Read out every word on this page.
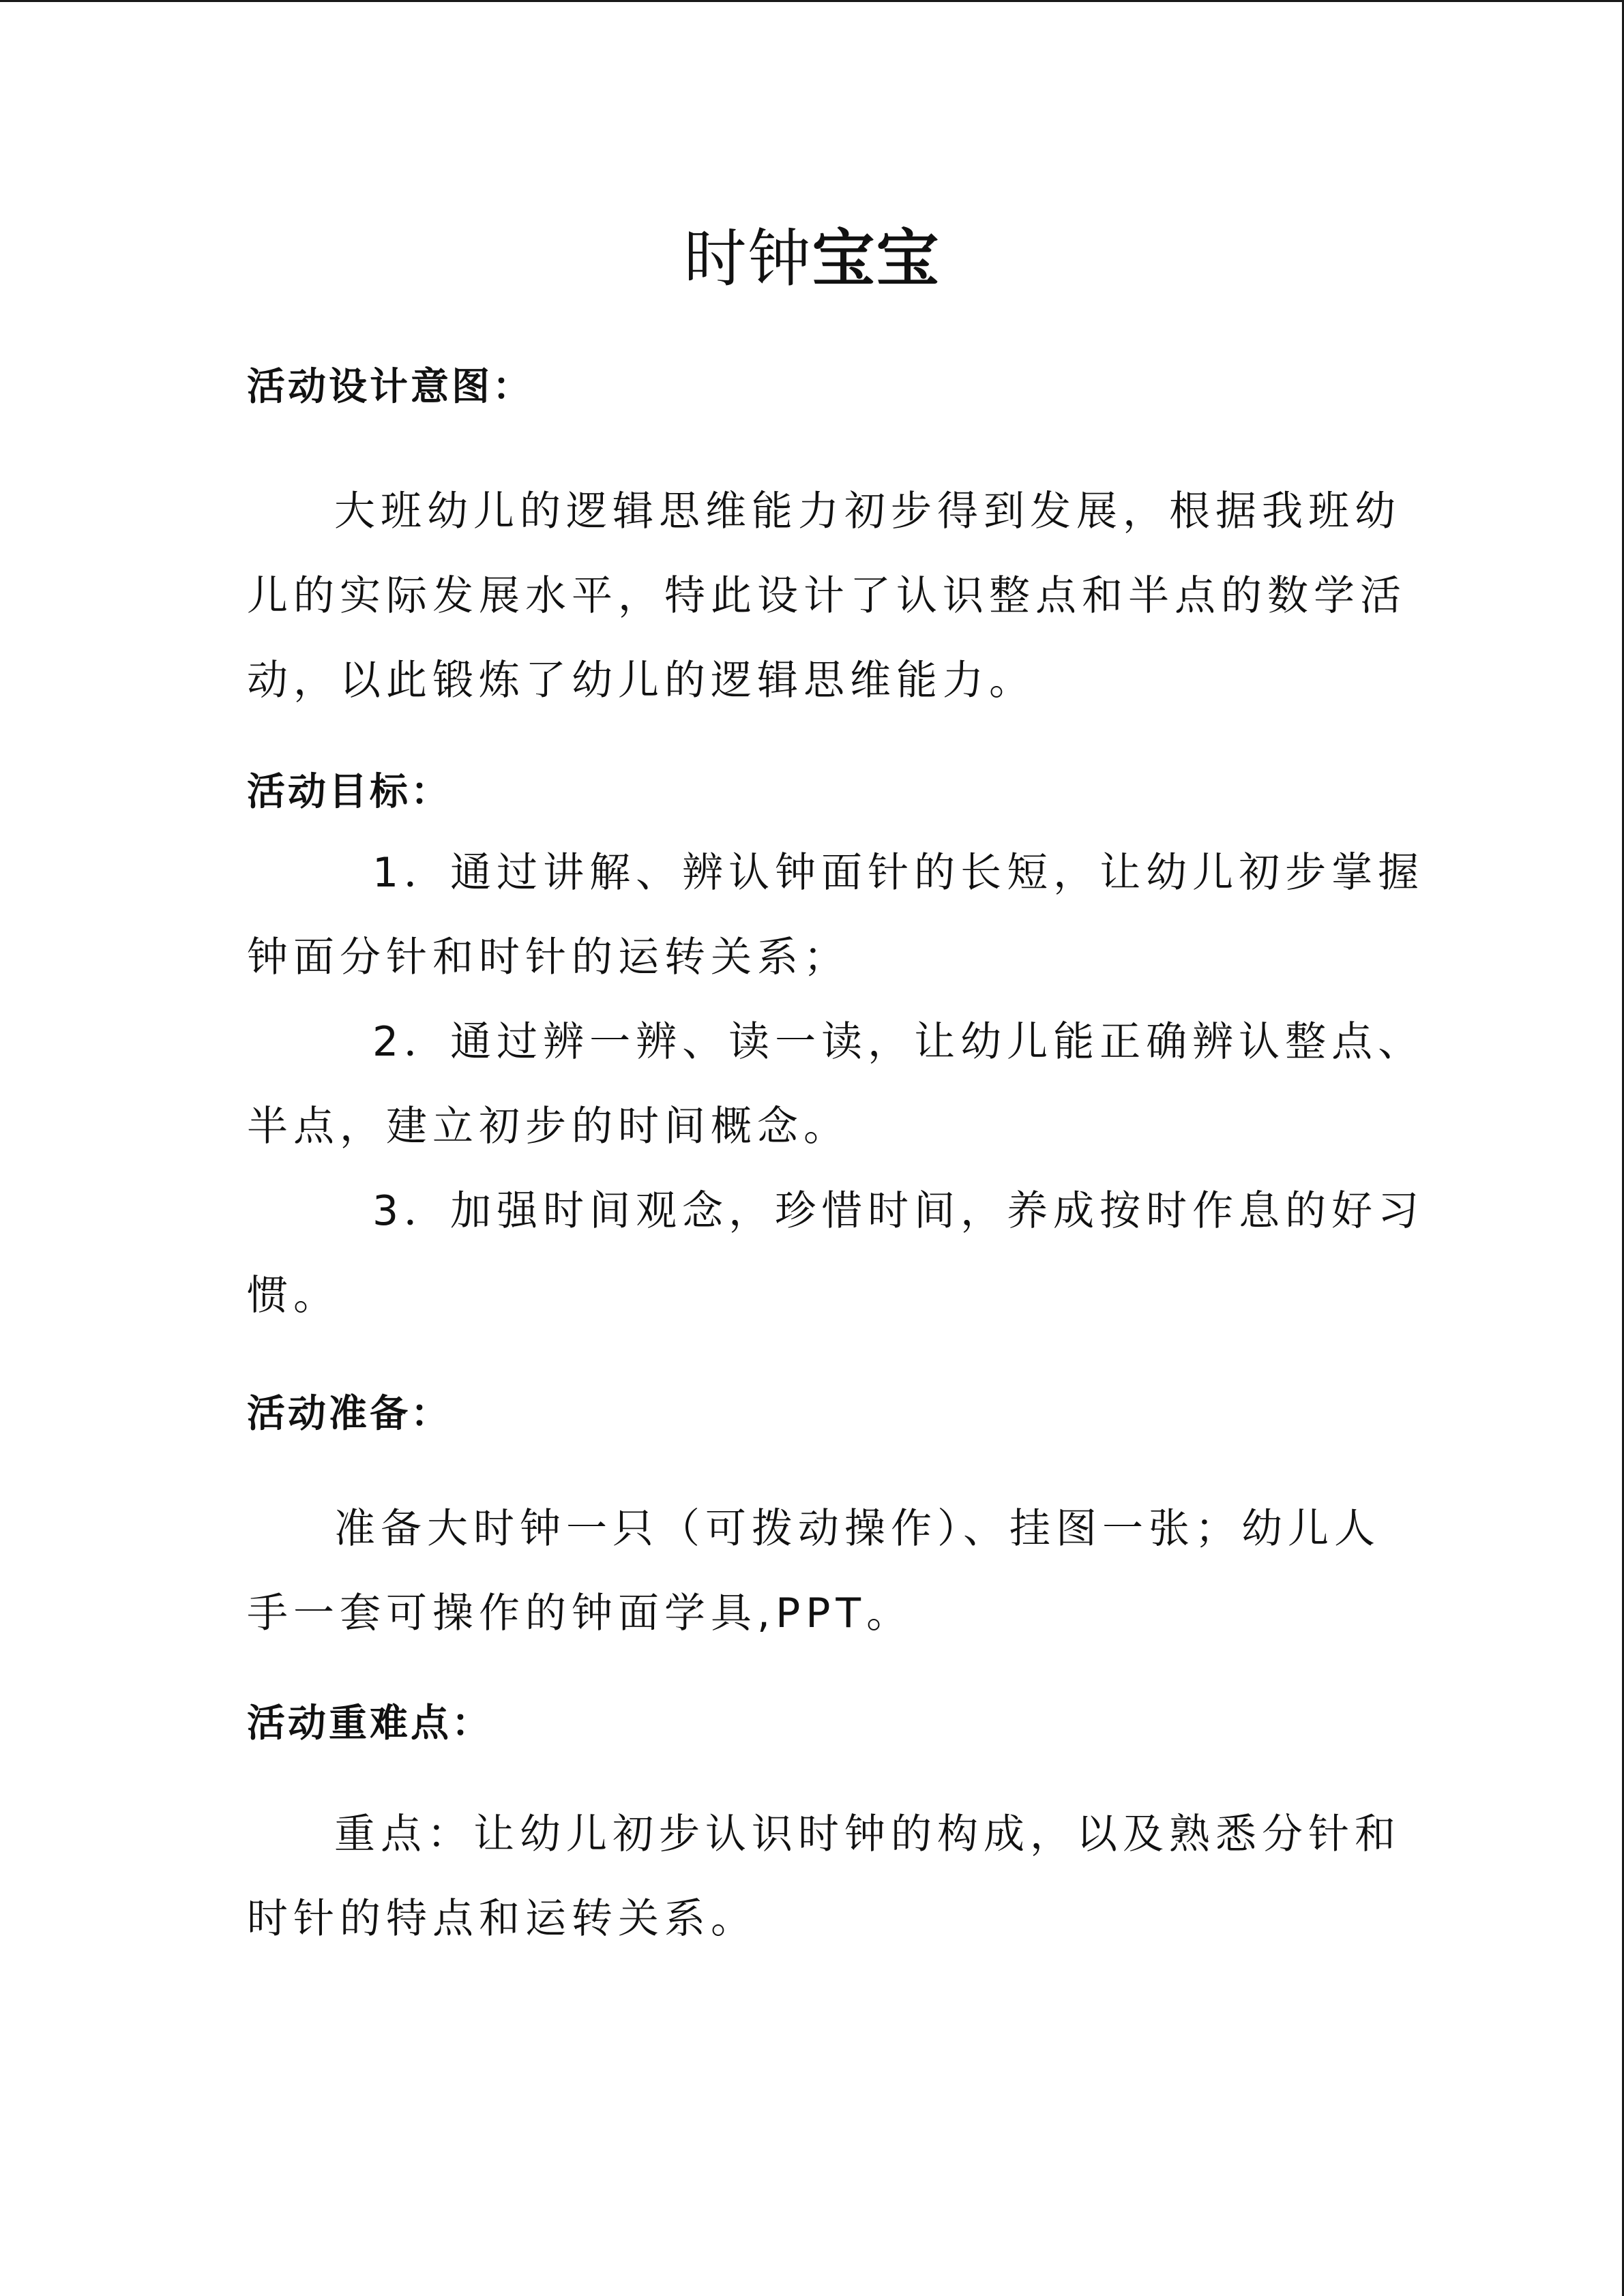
时钟宝宝
活动设计意图：
大班幼儿的逻辑思维能力初步得到发展，根据我班幼
儿的实际发展水平，特此设计了认识整点和半点的数学活
动，以此锻炼了幼儿的逻辑思维能力。
活动目标：
1．通过讲解、辨认钟面针的长短，让幼儿初步掌握
钟面分针和时针的运转关系；
2．通过辨一辨、读一读，让幼儿能正确辨认整点、
半点，建立初步的时间概念。
3．加强时间观念，珍惜时间，养成按时作息的好习
惯。
活动准备：
准备大时钟一只（可拨动操作）、挂图一张；幼儿人
手一套可操作的钟面学具,PPT。
活动重难点：
重点：让幼儿初步认识时钟的构成，以及熟悉分针和
时针的特点和运转关系。
